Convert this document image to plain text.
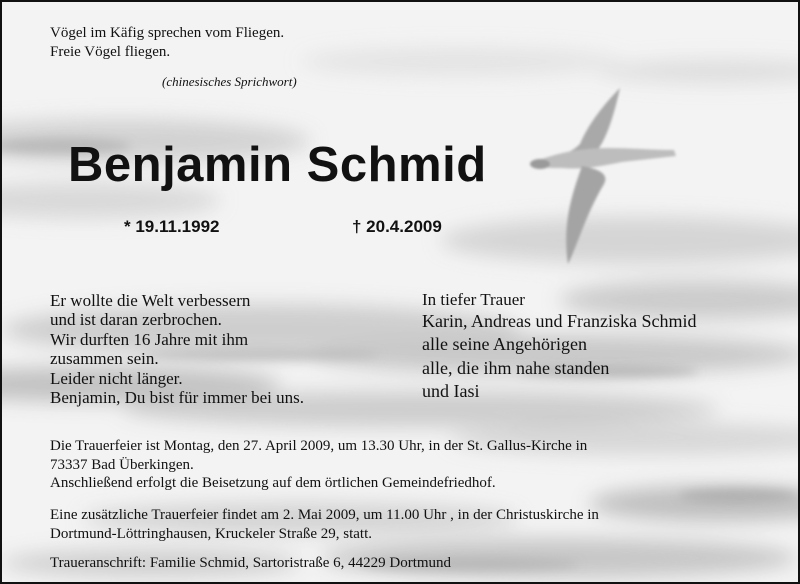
Vögel im Käfig sprechen vom Fliegen.
Freie Vögel fliegen.
(chinesisches Sprichwort)
Benjamin Schmid
* 19.11.1992	† 20.4.2009
Er wollte die Welt verbessern
und ist daran zerbrochen.
Wir durften 16 Jahre mit ihm
zusammen sein.
Leider nicht länger.
Benjamin, Du bist für immer bei uns.
In tiefer Trauer
Karin, Andreas und Franziska Schmid
alle seine Angehörigen
alle, die ihm nahe standen
und Iasi
Die Trauerfeier ist Montag, den 27. April 2009, um 13.30 Uhr, in der St. Gallus-Kirche in
73337 Bad Überkingen.
Anschließend erfolgt die Beisetzung auf dem örtlichen Gemeindefriedhof.
Eine zusätzliche Trauerfeier findet am 2. Mai 2009, um 11.00 Uhr , in der Christuskirche in
Dortmund-Löttringhausen, Kruckeler Straße 29, statt.
Traueranschrift: Familie Schmid, Sartoristraße 6, 44229 Dortmund
